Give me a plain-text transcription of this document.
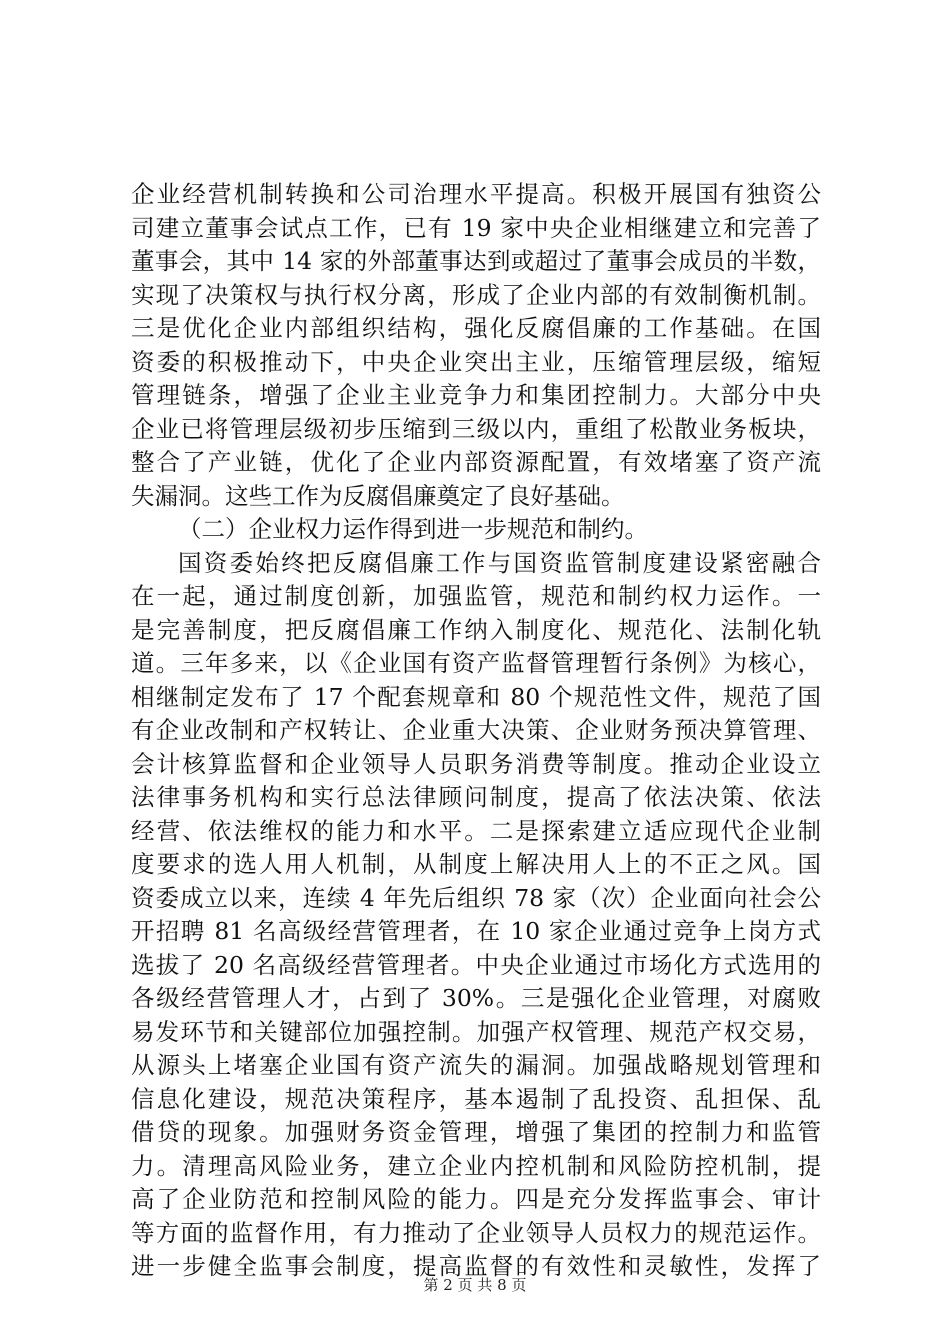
企业经营机制转换和公司治理水平提高。积极开展国有独资公
司建立董事会试点工作，已有 19 家中央企业相继建立和完善了
董事会，其中 14 家的外部董事达到或超过了董事会成员的半数，
实现了决策权与执行权分离，形成了企业内部的有效制衡机制。
三是优化企业内部组织结构，强化反腐倡廉的工作基础。在国
资委的积极推动下，中央企业突出主业，压缩管理层级，缩短
管理链条，增强了企业主业竞争力和集团控制力。大部分中央
企业已将管理层级初步压缩到三级以内，重组了松散业务板块，
整合了产业链，优化了企业内部资源配置，有效堵塞了资产流
失漏洞。这些工作为反腐倡廉奠定了良好基础。
（二）企业权力运作得到进一步规范和制约。
国资委始终把反腐倡廉工作与国资监管制度建设紧密融合
在一起，通过制度创新，加强监管，规范和制约权力运作。一
是完善制度，把反腐倡廉工作纳入制度化、规范化、法制化轨
道。三年多来，以《企业国有资产监督管理暂行条例》为核心，
相继制定发布了 17 个配套规章和 80 个规范性文件，规范了国
有企业改制和产权转让、企业重大决策、企业财务预决算管理、
会计核算监督和企业领导人员职务消费等制度。推动企业设立
法律事务机构和实行总法律顾问制度，提高了依法决策、依法
经营、依法维权的能力和水平。二是探索建立适应现代企业制
度要求的选人用人机制，从制度上解决用人上的不正之风。国
资委成立以来，连续 4 年先后组织 78 家（次）企业面向社会公
开招聘 81 名高级经营管理者，在 10 家企业通过竞争上岗方式
选拔了 20 名高级经营管理者。中央企业通过市场化方式选用的
各级经营管理人才，占到了 30%。三是强化企业管理，对腐败
易发环节和关键部位加强控制。加强产权管理、规范产权交易，
从源头上堵塞企业国有资产流失的漏洞。加强战略规划管理和
信息化建设，规范决策程序，基本遏制了乱投资、乱担保、乱
借贷的现象。加强财务资金管理，增强了集团的控制力和监管
力。清理高风险业务，建立企业内控机制和风险防控机制，提
高了企业防范和控制风险的能力。四是充分发挥监事会、审计
等方面的监督作用，有力推动了企业领导人员权力的规范运作。
进一步健全监事会制度，提高监督的有效性和灵敏性，发挥了
第 2 页 共 8 页
